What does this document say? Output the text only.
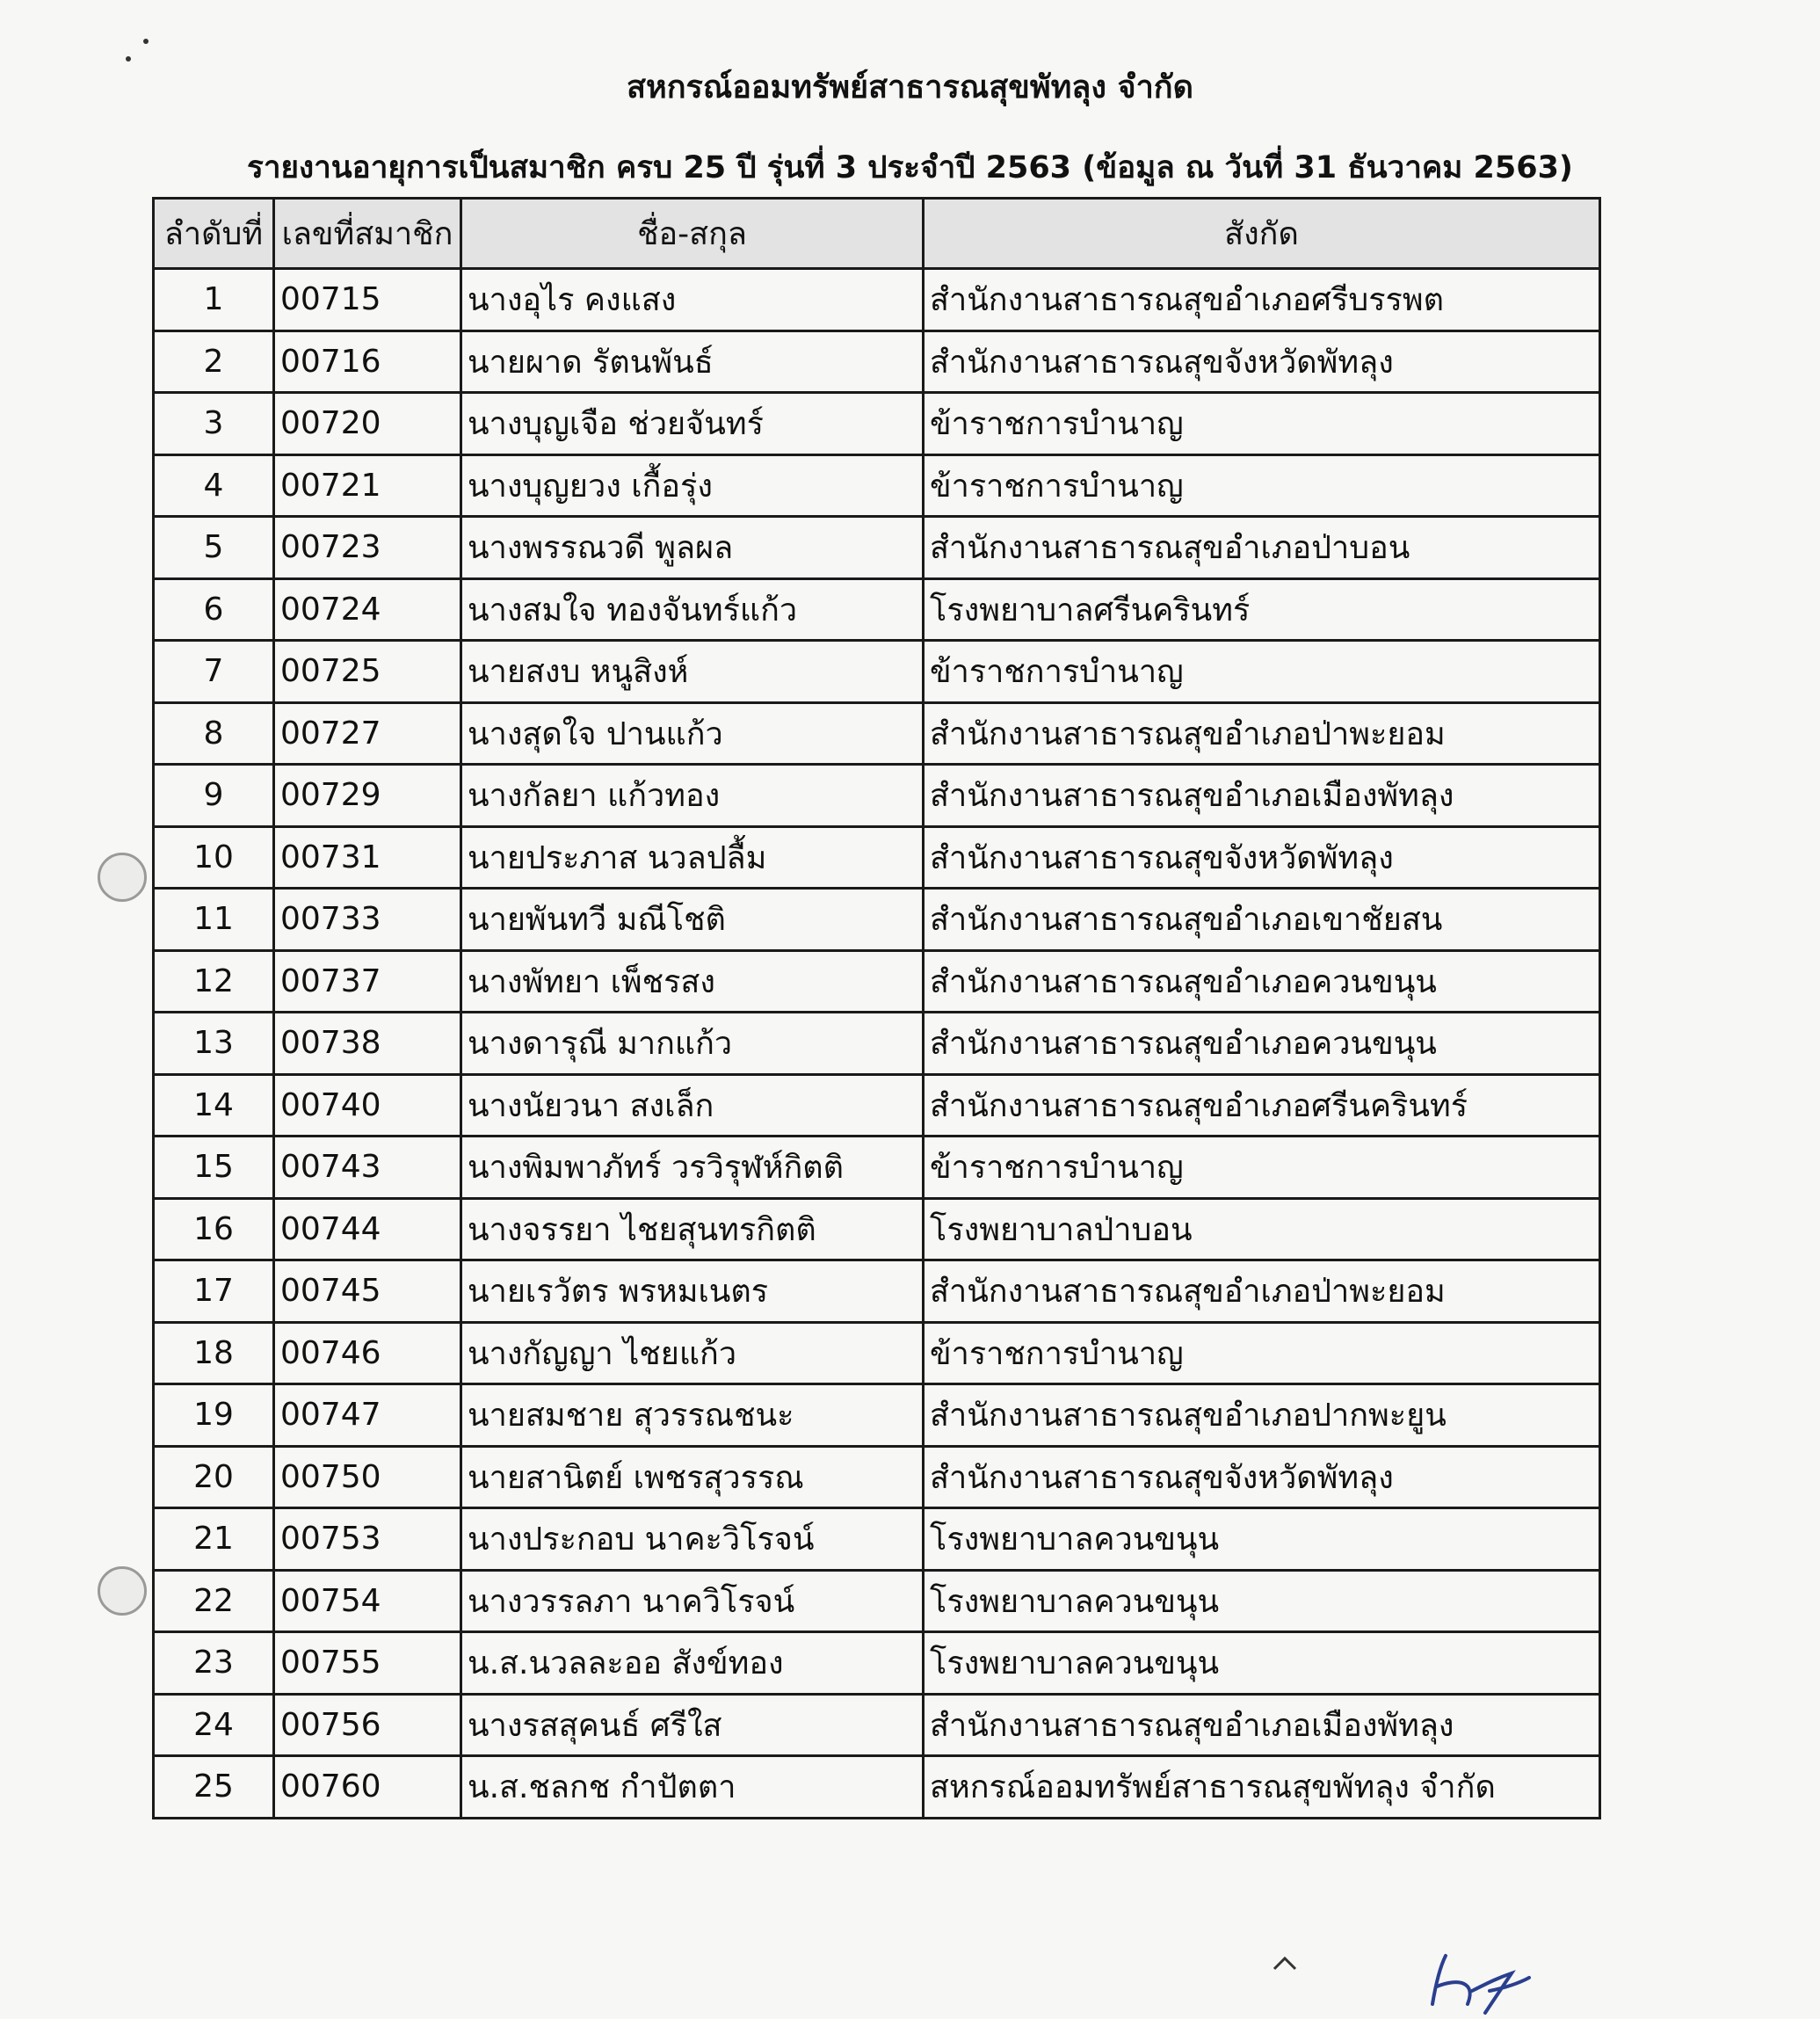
สหกรณ์ออมทรัพย์สาธารณสุขพัทลุง จำกัด
รายงานอายุการเป็นสมาชิก ครบ 25 ปี รุ่นที่ 3 ประจำปี 2563 (ข้อมูล ณ วันที่ 31 ธันวาคม 2563)
ลำดับที่	เลขที่สมาชิก	ชื่อ-สกุล	สังกัด
1	00715	นางอุไร คงแสง	สำนักงานสาธารณสุขอำเภอศรีบรรพต
2	00716	นายผาด รัตนพันธ์	สำนักงานสาธารณสุขจังหวัดพัทลุง
3	00720	นางบุญเจือ ช่วยจันทร์	ข้าราชการบำนาญ
4	00721	นางบุญยวง เกื้อรุ่ง	ข้าราชการบำนาญ
5	00723	นางพรรณวดี พูลผล	สำนักงานสาธารณสุขอำเภอป่าบอน
6	00724	นางสมใจ ทองจันทร์แก้ว	โรงพยาบาลศรีนครินทร์
7	00725	นายสงบ หนูสิงห์	ข้าราชการบำนาญ
8	00727	นางสุดใจ ปานแก้ว	สำนักงานสาธารณสุขอำเภอป่าพะยอม
9	00729	นางกัลยา แก้วทอง	สำนักงานสาธารณสุขอำเภอเมืองพัทลุง
10	00731	นายประภาส นวลปลื้ม	สำนักงานสาธารณสุขจังหวัดพัทลุง
11	00733	นายพันทวี มณีโชติ	สำนักงานสาธารณสุขอำเภอเขาชัยสน
12	00737	นางพัทยา เพ็ชรสง	สำนักงานสาธารณสุขอำเภอควนขนุน
13	00738	นางดารุณี มากแก้ว	สำนักงานสาธารณสุขอำเภอควนขนุน
14	00740	นางนัยวนา สงเล็ก	สำนักงานสาธารณสุขอำเภอศรีนครินทร์
15	00743	นางพิมพาภัทร์ วรวิรุฬห์กิตติ	ข้าราชการบำนาญ
16	00744	นางจรรยา ไชยสุนทรกิตติ	โรงพยาบาลป่าบอน
17	00745	นายเรวัตร พรหมเนตร	สำนักงานสาธารณสุขอำเภอป่าพะยอม
18	00746	นางกัญญา ไชยแก้ว	ข้าราชการบำนาญ
19	00747	นายสมชาย สุวรรณชนะ	สำนักงานสาธารณสุขอำเภอปากพะยูน
20	00750	นายสานิตย์ เพชรสุวรรณ	สำนักงานสาธารณสุขจังหวัดพัทลุง
21	00753	นางประกอบ นาคะวิโรจน์	โรงพยาบาลควนขนุน
22	00754	นางวรรลภา นาควิโรจน์	โรงพยาบาลควนขนุน
23	00755	น.ส.นวลละออ สังข์ทอง	โรงพยาบาลควนขนุน
24	00756	นางรสสุคนธ์ ศรีใส	สำนักงานสาธารณสุขอำเภอเมืองพัทลุง
25	00760	น.ส.ชลกช กำปัตตา	สหกรณ์ออมทรัพย์สาธารณสุขพัทลุง จำกัด
